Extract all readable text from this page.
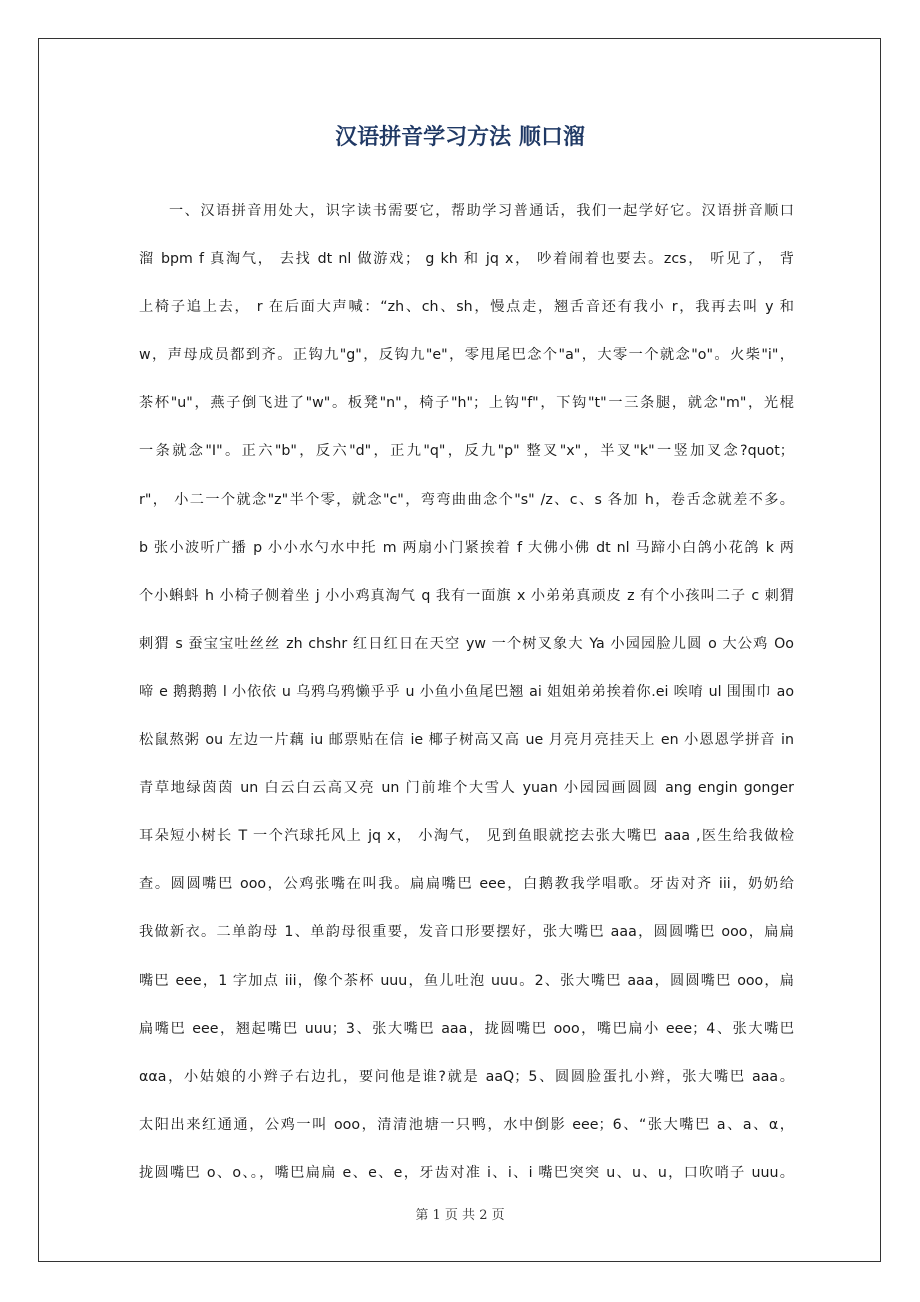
汉语拼音学习方法 顺口溜
一、汉语拼音用处大，识字读书需要它，帮助学习普通话，我们一起学好它。汉语拼音顺口
溜 bpm f 真淘气， 去找 dt nl 做游戏； g kh 和 jq x， 吵着闹着也要去。zcs， 听见了， 背
上椅子追上去， r 在后面大声喊：“zh、ch、sh，慢点走，翘舌音还有我小 r，我再去叫 y 和
w，声母成员都到齐。正钩九"g"，反钩九"e"，零甩尾巴念个"a"，大零一个就念"o"。火柴"i"，
茶杯"u"，燕子倒飞进了"w"。板凳"n"，椅子"h"；上钩"f"，下钩"t"一三条腿，就念"m"，光棍
一条就念"I"。正六"b"，反六"d"，正九"q"，反九"p" 整叉"x"，半叉"k"一竖加叉念?quot；
r"， 小二一个就念"z"半个零，就念"c"，弯弯曲曲念个"s" /z、c、s 各加 h，卷舌念就差不多。
b 张小波听广播 p 小小水勺水中托 m 两扇小门紧挨着 f 大佛小佛 dt nl 马蹄小白鸽小花鸽 k 两
个小蝌蚪 h 小椅子侧着坐 j 小小鸡真淘气 q 我有一面旗 x 小弟弟真顽皮 z 有个小孩叫二子 c 刺猬
刺猬 s 蚕宝宝吐丝丝 zh chshr 红日红日在天空 yw 一个树叉象大 Ya 小园园脸儿圆 o 大公鸡 Oo
啼 e 鹅鹅鹅 l 小依依 u 乌鸦乌鸦懒乎乎 u 小鱼小鱼尾巴翘 ai 姐姐弟弟挨着你.ei 唉唷 ul 围围巾 ao
松鼠熬粥 ou 左边一片藕 iu 邮票贴在信 ie 椰子树高又高 ue 月亮月亮挂天上 en 小恩恩学拼音 in
青草地绿茵茵 un 白云白云高又亮 un 门前堆个大雪人 yuan 小园园画圆圆 ang engin gonger
耳朵短小树长 T 一个汽球托风上 jq x， 小淘气， 见到鱼眼就挖去张大嘴巴 aaa ,医生给我做检
查。圆圆嘴巴 ooo，公鸡张嘴在叫我。扁扁嘴巴 eee，白鹅教我学唱歌。牙齿对齐 iii，奶奶给
我做新衣。二单韵母 1、单韵母很重要，发音口形要摆好，张大嘴巴 aaa，圆圆嘴巴 ooo，扁扁
嘴巴 eee，1 字加点 iii，像个茶杯 uuu，鱼儿吐泡 uuu。2、张大嘴巴 aaa，圆圆嘴巴 ooo，扁
扁嘴巴 eee，翘起嘴巴 uuu；3、张大嘴巴 aaa，拢圆嘴巴 ooo，嘴巴扁小 eee；4、张大嘴巴
ααa，小姑娘的小辫子右边扎，要问他是谁?就是 aaQ；5、圆圆脸蛋扎小辫，张大嘴巴 aaa。
太阳出来红通通，公鸡一叫 ooo，清清池塘一只鸭，水中倒影 eee；6、“张大嘴巴 a、a、α，
拢圆嘴巴 o、o、。，嘴巴扁扁 e、e、e，牙齿对准 i、i、i 嘴巴突突 u、u、u，口吹哨子 uuu。
第 1 页 共 2 页
